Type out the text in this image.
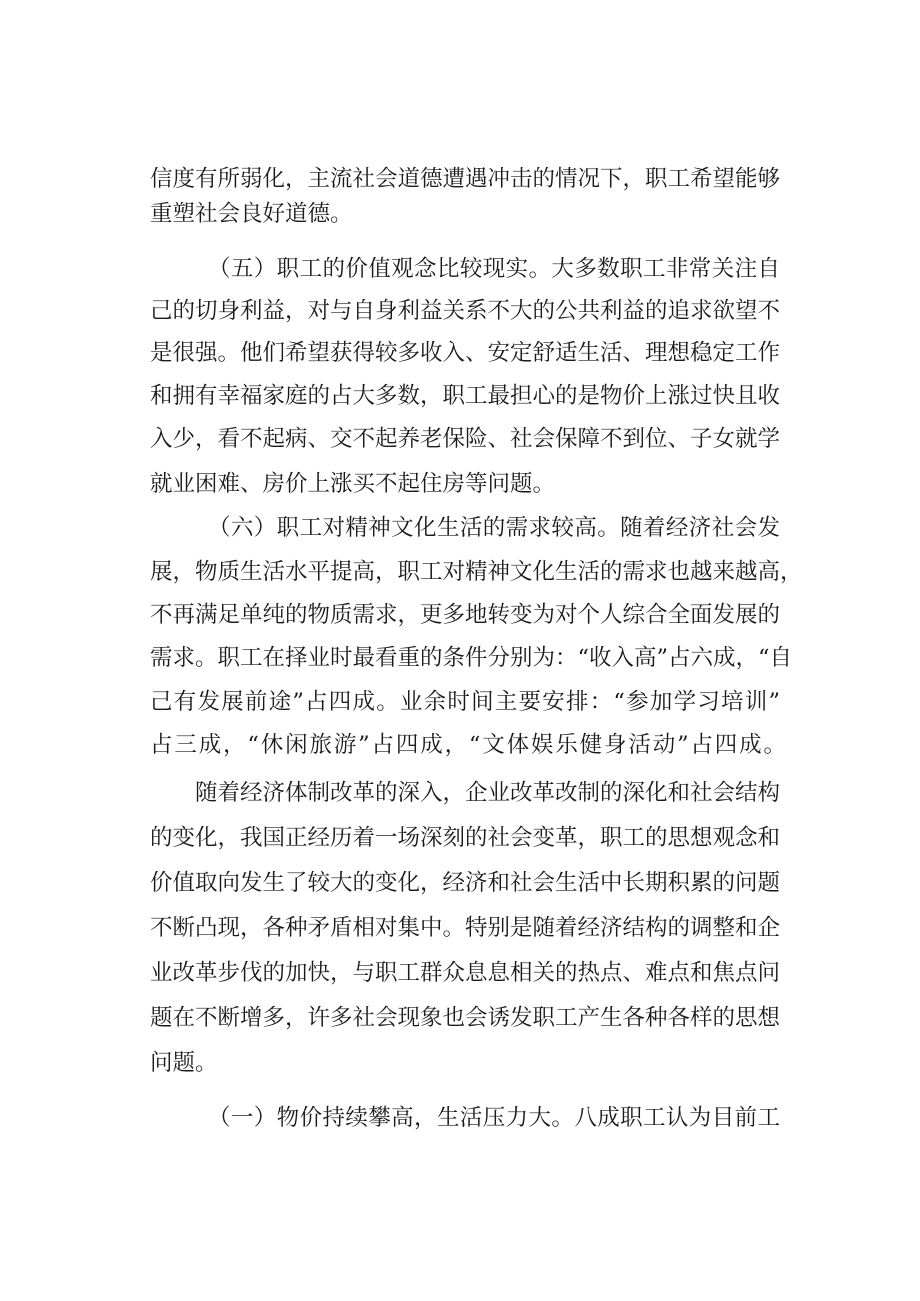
信度有所弱化，主流社会道德遭遇冲击的情况下，职工希望能够
重塑社会良好道德。
（五）职工的价值观念比较现实。大多数职工非常关注自
己的切身利益，对与自身利益关系不大的公共利益的追求欲望不
是很强。他们希望获得较多收入、安定舒适生活、理想稳定工作
和拥有幸福家庭的占大多数，职工最担心的是物价上涨过快且收
入少，看不起病、交不起养老保险、社会保障不到位、子女就学
就业困难、房价上涨买不起住房等问题。
（六）职工对精神文化生活的需求较高。随着经济社会发
展，物质生活水平提高，职工对精神文化生活的需求也越来越高，
不再满足单纯的物质需求，更多地转变为对个人综合全面发展的
需求。职工在择业时最看重的条件分别为：“收入高”占六成，“自
己有发展前途”占四成。业余时间主要安排：“参加学习培训”
占三成，“休闲旅游”占四成，“文体娱乐健身活动”占四成。
随着经济体制改革的深入，企业改革改制的深化和社会结构
的变化，我国正经历着一场深刻的社会变革，职工的思想观念和
价值取向发生了较大的变化，经济和社会生活中长期积累的问题
不断凸现，各种矛盾相对集中。特别是随着经济结构的调整和企
业改革步伐的加快，与职工群众息息相关的热点、难点和焦点问
题在不断增多，许多社会现象也会诱发职工产生各种各样的思想
问题。
（一）物价持续攀高，生活压力大。八成职工认为目前工
